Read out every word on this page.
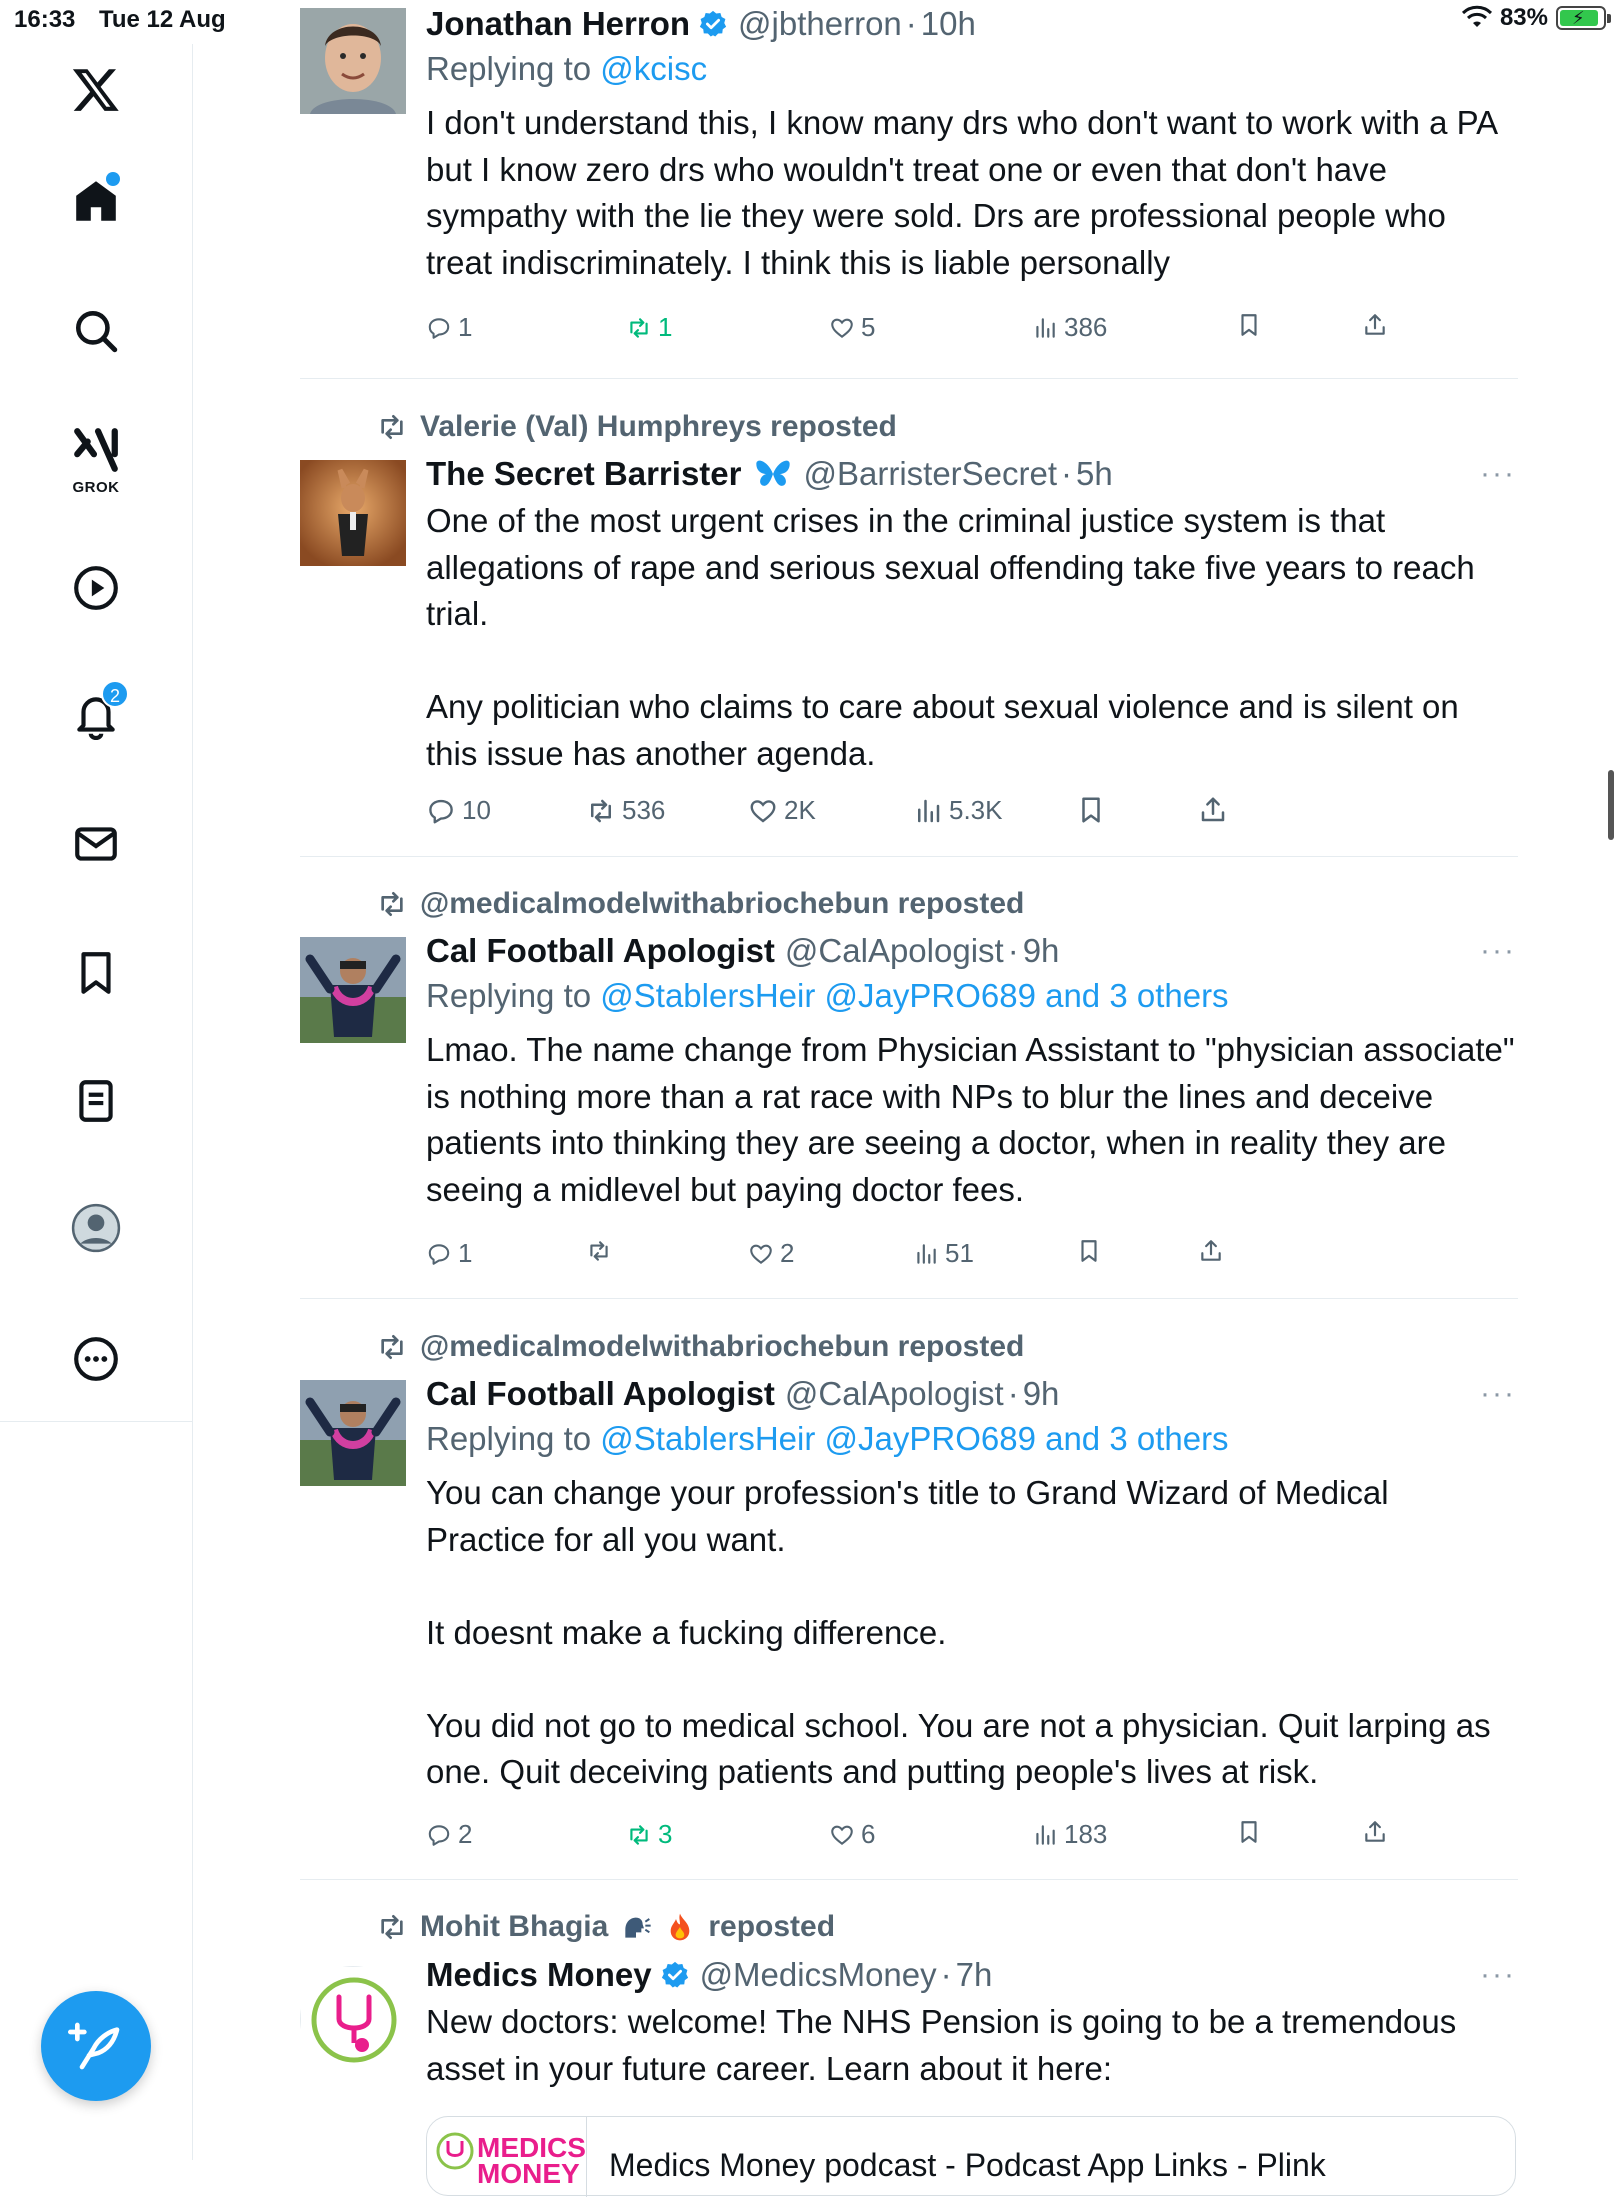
16:33 Tue 12 Aug	83% ⚡
GROK
2
Jonathan Herron @jbtherron · 10h
Replying to @kcisc
I don't understand this, I know many drs who don't want to work with a PA but I know zero drs who wouldn't treat one or even that don't have sympathy with the lie they were sold. Drs are professional people who treat indiscriminately. I think this is liable personally
1	1	5	386
Valerie (Val) Humphreys reposted
The Secret Barrister @BarristerSecret · 5h	···
One of the most urgent crises in the criminal justice system is that allegations of rape and serious sexual offending take five years to reach trial.

Any politician who claims to care about sexual violence and is silent on this issue has another agenda.
10	536	2K	5.3K
@medicalmodelwithabriochebun reposted
Cal Football Apologist @CalApologist · 9h	···
Replying to @StablersHeir @JayPRO689 and 3 others
Lmao. The name change from Physician Assistant to "physician associate" is nothing more than a rat race with NPs to blur the lines and deceive patients into thinking they are seeing a doctor, when in reality they are seeing a midlevel but paying doctor fees.
1	2	51
@medicalmodelwithabriochebun reposted
Cal Football Apologist @CalApologist · 9h	···
Replying to @StablersHeir @JayPRO689 and 3 others
You can change your profession's title to Grand Wizard of Medical Practice for all you want.

It doesnt make a fucking difference.

You did not go to medical school. You are not a physician. Quit larping as one. Quit deceiving patients and putting people's lives at risk.
2	3	6	183
Mohit Bhagia	reposted
Medics Money @MedicsMoney · 7h	···
New doctors: welcome! The NHS Pension is going to be a tremendous asset in your future career. Learn about it here:
MEDICS
MONEY Medics Money podcast - Podcast App Links - Plink
